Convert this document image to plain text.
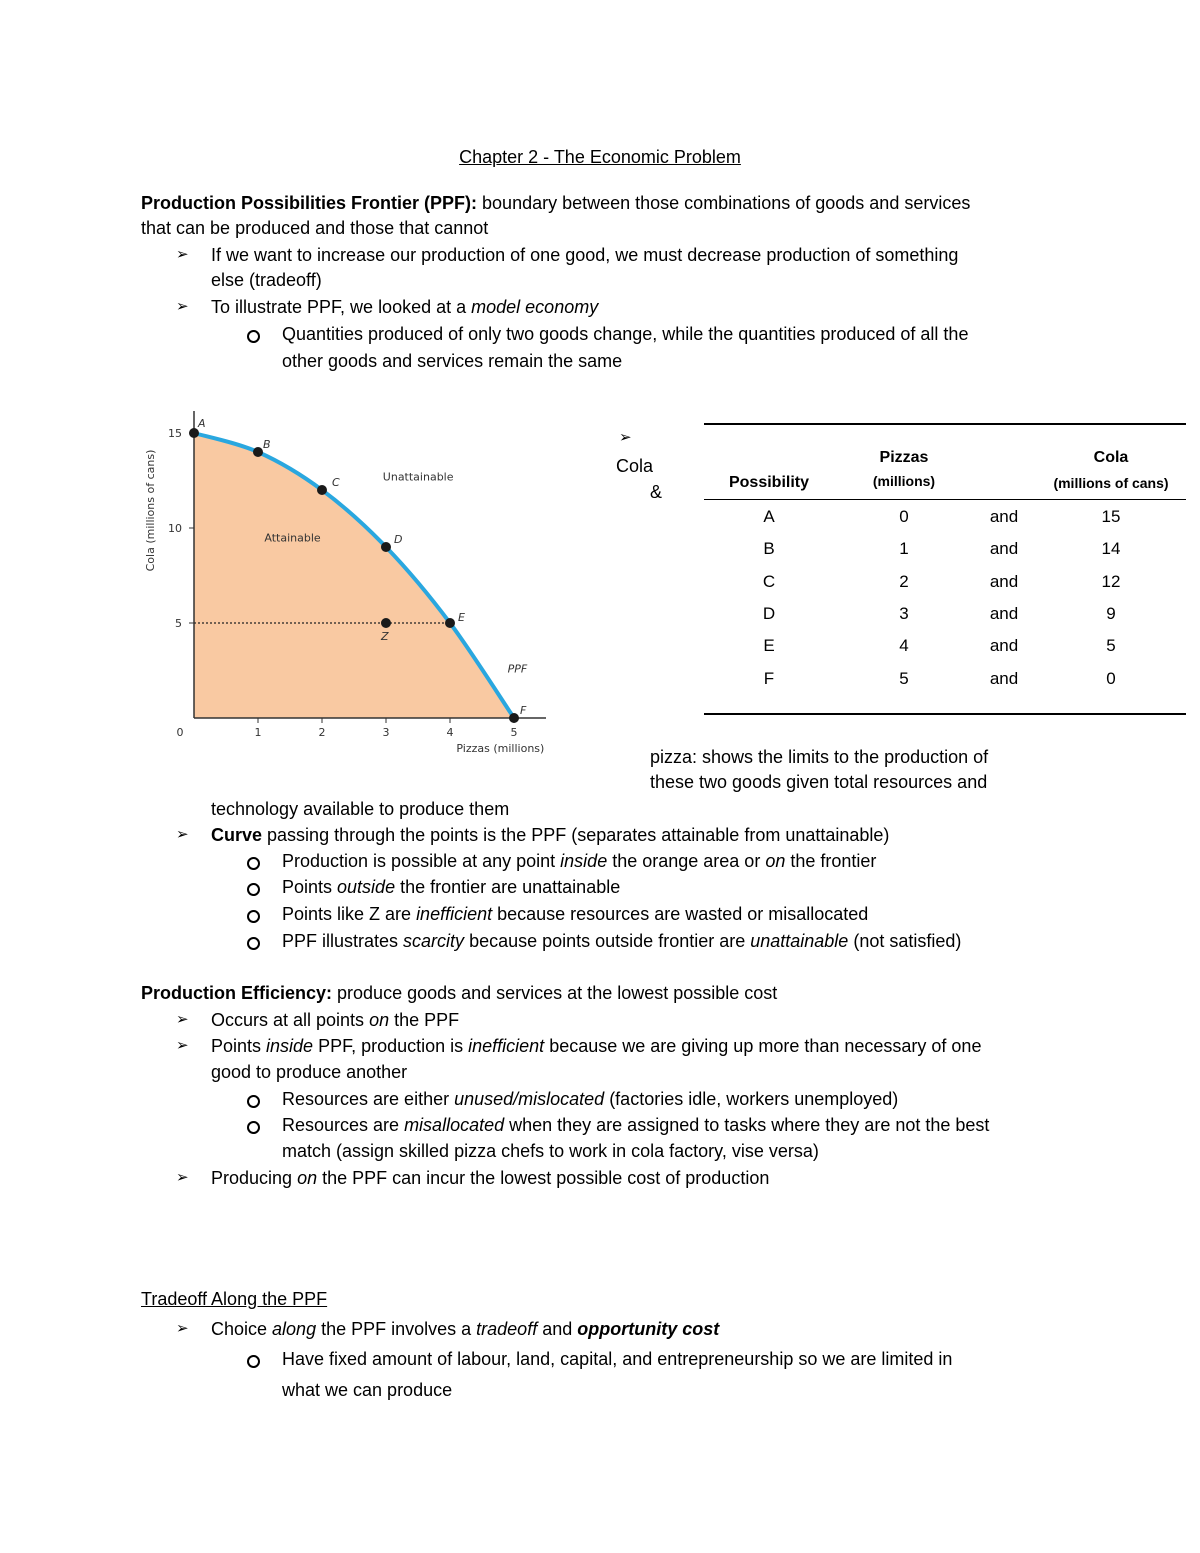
Chapter 2 - The Economic Problem
Production Possibilities Frontier (PPF): boundary between those combinations of goods and services
that can be produced and those that cannot
➢ If we want to increase our production of one good, we must decrease production of something
else (tradeoff)
➢ To illustrate PPF, we looked at a model economy
Quantities produced of only two goods change, while the quantities produced of all the
other goods and services remain the same
0	1	2	3	4	5
5
10
15
A
B
C
D
E
F
Z
Unattainable
Attainable
PPF
Pizzas (millions)
Cola (millions of cans)
➢
Cola
&
pizza: shows the limits to the production of
these two goods given total resources and
technology available to produce them
Possibility
Pizzas
(millions)
Cola
(millions of cans)
A	0	and	15
B	1	and	14
C	2	and	12
D	3	and	9
E	4	and	5
F	5	and	0
➢ Curve passing through the points is the PPF (separates attainable from unattainable)
Production is possible at any point inside the orange area or on the frontier
Points outside the frontier are unattainable
Points like Z are inefficient because resources are wasted or misallocated
PPF illustrates scarcity because points outside frontier are unattainable (not satisfied)
Production Efficiency: produce goods and services at the lowest possible cost
➢ Occurs at all points on the PPF
➢ Points inside PPF, production is inefficient because we are giving up more than necessary of one
good to produce another
Resources are either unused/mislocated (factories idle, workers unemployed)
Resources are misallocated when they are assigned to tasks where they are not the best
match (assign skilled pizza chefs to work in cola factory, vise versa)
➢ Producing on the PPF can incur the lowest possible cost of production
Tradeoff Along the PPF
➢ Choice along the PPF involves a tradeoff and opportunity cost
Have fixed amount of labour, land, capital, and entrepreneurship so we are limited in
what we can produce
